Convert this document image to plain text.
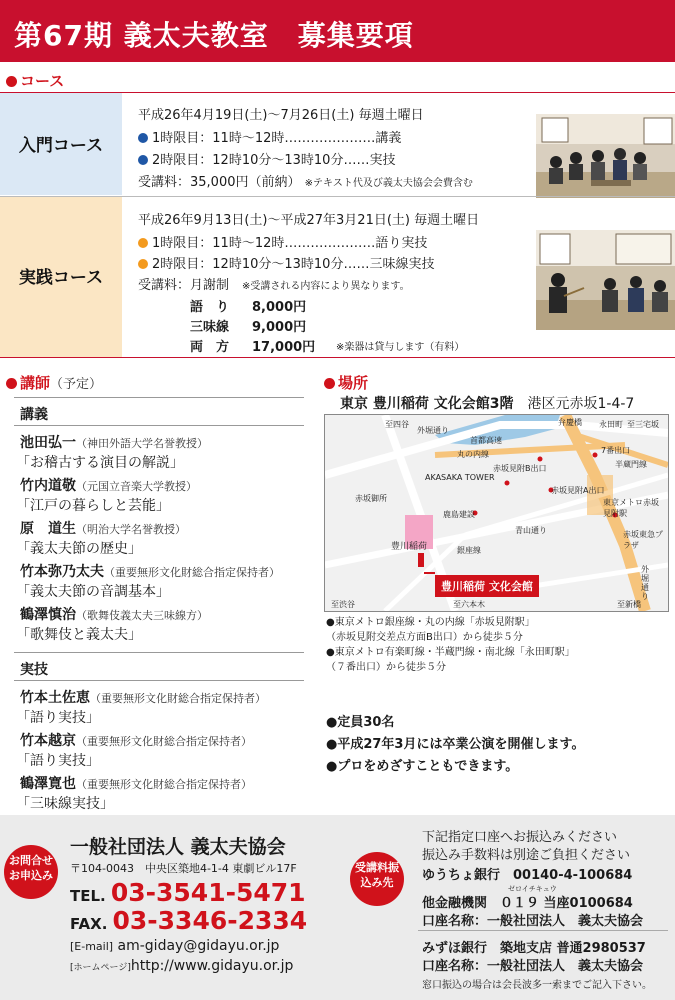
第67期 義太夫教室　募集要項
コース
入門コース
平成26年4月19日(土)～7月26日(土) 毎週土曜日
1時限目：11時～12時…………………講義
2時限目：12時10分～13時10分……実技
受講料：35,000円（前納） ※テキスト代及び義太夫協会会費含む
実践コース
平成26年9月13日(土)～平成27年3月21日(土) 毎週土曜日
1時限目：11時～12時…………………語り実技
2時限目：12時10分～13時10分……三味線実技
受講料：月謝制　 ※受講される内容により異なります。
語　り 8,000円
三味線 9,000円
両　方 17,000円 ※楽器は貸与します（有料）
講師（予定）
講義
池田弘一（神田外語大学名誉教授）
「お稽古する演目の解説」
竹内道敬（元国立音楽大学教授）
「江戸の暮らしと芸能」
原　道生（明治大学名誉教授）
「義太夫節の歴史」
竹本弥乃太夫（重要無形文化財総合指定保持者）
「義太夫節の音調基本」
鶴澤慎治（歌舞伎義太夫三味線方）
「歌舞伎と義太夫」
実技
竹本土佐恵（重要無形文化財総合指定保持者）
「語り実技」
竹本越京（重要無形文化財総合指定保持者）
「語り実技」
鶴澤寛也（重要無形文化財総合指定保持者）
「三味線実技」
場所
東京 豊川稲荷 文化会館3階　 港区元赤坂1-4-7
至四谷	弁慶橋 永田町 至三宅坂
外堀通り
首都高速
丸の内線
半蔵門線
赤坂見附B出口
赤坂見附A出口
7番出口
AKASAKA TOWER
赤坂御所	東京メトロ赤坂見附駅
鹿島建設
青山通り	赤坂東急プラザ
豊川稲荷	銀座線
至渋谷	至六本木	至新橋
外堀通り
豊川稲荷 文化会館
●東京メトロ銀座線・丸の内線「赤坂見附駅」
（赤坂見附交差点方面B出口）から徒歩５分
●東京メトロ有楽町線・半蔵門線・南北線「永田町駅」
（７番出口）から徒歩５分
●定員30名
●平成27年3月には卒業公演を開催します。
●プロをめざすこともできます。
お問合せお申込み
一般社団法人 義太夫協会
〒104-0043　中央区築地4-1-4 東劇ビル17F
TEL. 03-3541-5471
FAX. 03-3346-2334
[E-mail] am-giday@gidayu.or.jp
[ホームページ]http://www.gidayu.or.jp
受講料振込み先
下記指定口座へお振込みください
振込み手数料は別途ご負担ください
ゆうちょ銀行　00140-4-100684
ゼロイチキュウ
他金融機関　０１９ 当座0100684
口座名称：一般社団法人　義太夫協会
みずほ銀行　築地支店 普通2980537
口座名称：一般社団法人　義太夫協会
窓口振込の場合は会長波多一索までご記入下さい。
